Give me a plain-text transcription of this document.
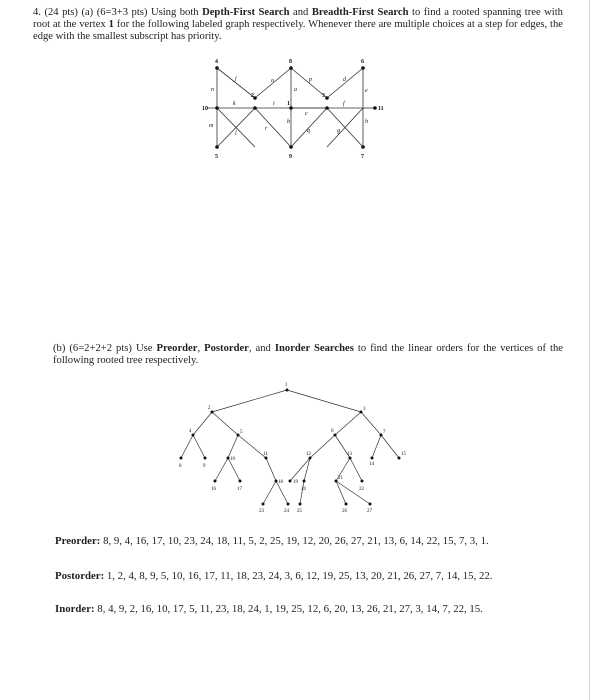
4. (24 pts) (a) (6=3+3 pts) Using both Depth-First Search and Breadth-First Search to find a rooted spanning tree with root at the vertex 1 for the following labeled graph respectively. Whenever there are multiple choices at a step for edges, the edge with the smallest subscript has priority.
4	8	6
2
1
3
10	11
5	9	7
j	o
a
p	d
e
n
k	i
c
f
m
l
r
b
q	g
h
(b) (6=2+2+2 pts) Use Preorder, Postorder, and Inorder Searches to find the linear orders for the vertices of the following rooted tree respectively.
1
2	3
4	5	6	7
8	9
10
11	12	13
14
15
16	17
18 19
20
21
22
23	24 25	26	27
Preorder: 8, 9, 4, 16, 17, 10, 23, 24, 18, 11, 5, 2, 25, 19, 12, 20, 26, 27, 21, 13, 6, 14, 22, 15, 7, 3, 1.
Postorder: 1, 2, 4, 8, 9, 5, 10, 16, 17, 11, 18, 23, 24, 3, 6, 12, 19, 25, 13, 20, 21, 26, 27, 7, 14, 15, 22.
Inorder: 8, 4, 9, 2, 16, 10, 17, 5, 11, 23, 18, 24, 1, 19, 25, 12, 6, 20, 13, 26, 21, 27, 3, 14, 7, 22, 15.
